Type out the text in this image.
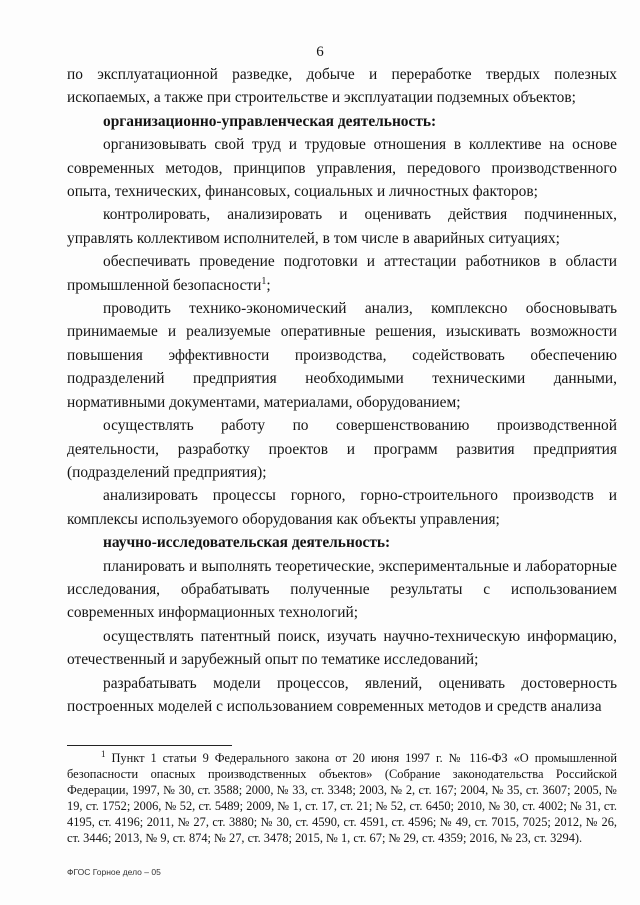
6

по эксплуатационной разведке, добыче и переработке твердых полезных ископаемых, а также при строительстве и эксплуатации подземных объектов;

организационно-управленческая деятельность:

организовывать свой труд и трудовые отношения в коллективе на основе современных методов, принципов управления, передового производственного опыта, технических, финансовых, социальных и личностных факторов;

контролировать, анализировать и оценивать действия подчиненных, управлять коллективом исполнителей, в том числе в аварийных ситуациях;

обеспечивать проведение подготовки и аттестации работников в области промышленной безопасности$^1$;

проводить технико-экономический анализ, комплексно обосновывать принимаемые и реализуемые оперативные решения, изыскивать возможности повышения эффективности производства, содействовать обеспечению подразделений предприятия необходимыми техническими данными, нормативными документами, материалами, оборудованием;

осуществлять работу по совершенствованию производственной деятельности, разработку проектов и программ развития предприятия (подразделений предприятия);

анализировать процессы горного, горно-строительного производств и комплексы используемого оборудования как объекты управления;

научно-исследовательская деятельность:

планировать и выполнять теоретические, экспериментальные и лабораторные исследования, обрабатывать полученные результаты с использованием современных информационных технологий;

осуществлять патентный поиск, изучать научно-техническую информацию, отечественный и зарубежный опыт по тематике исследований;

разрабатывать модели процессов, явлений, оценивать достоверность построенных моделей с использованием современных методов и средств анализа

$^1$ Пункт 1 статьи 9 Федерального закона от 20 июня 1997 г. № 116-ФЗ «О промышленной безопасности опасных производственных объектов» (Собрание законодательства Российской Федерации, 1997, № 30, ст. 3588; 2000, № 33, ст. 3348; 2003, № 2, ст. 167; 2004, № 35, ст. 3607; 2005, № 19, ст. 1752; 2006, № 52, ст. 5489; 2009, № 1, ст. 17, ст. 21; № 52, ст. 6450; 2010, № 30, ст. 4002; № 31, ст. 4195, ст. 4196; 2011, № 27, ст. 3880; № 30, ст. 4590, ст. 4591, ст. 4596; № 49, ст. 7015, 7025; 2012, № 26, ст. 3446; 2013, № 9, ст. 874; № 27, ст. 3478; 2015, № 1, ст. 67; № 29, ст. 4359; 2016, № 23, ст. 3294).

ФГОС Горное дело – 05
